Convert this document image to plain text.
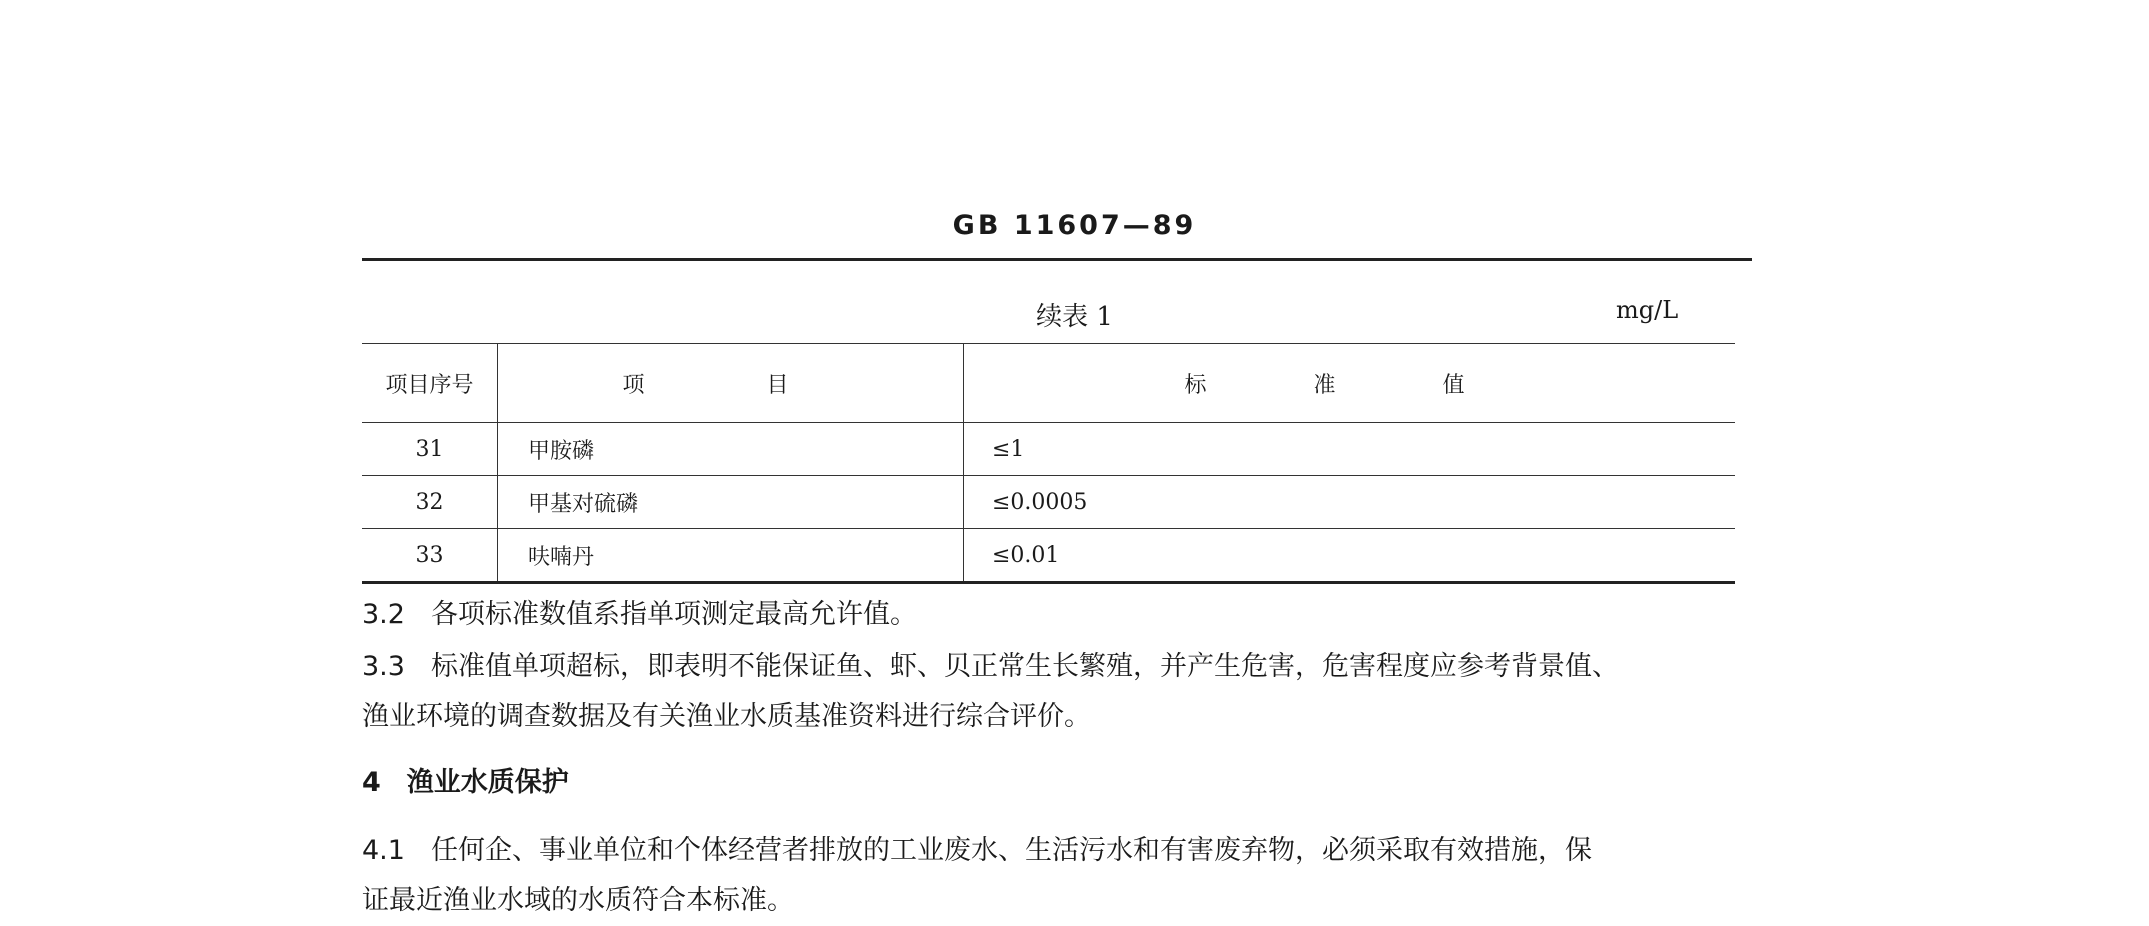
GB 11607—89
续表 1	mg/L
项目序号	项　目	标 准 值
31	甲胺磷	≤1
32	甲基对硫磷	≤0.0005
33	呋喃丹	≤0.01
3.2 各项标准数值系指单项测定最高允许值。
3.3 标准值单项超标，即表明不能保证鱼、虾、贝正常生长繁殖，并产生危害，危害程度应参考背景值、
渔业环境的调查数据及有关渔业水质基准资料进行综合评价。
4 渔业水质保护
4.1 任何企、事业单位和个体经营者排放的工业废水、生活污水和有害废弃物，必须采取有效措施，保
证最近渔业水域的水质符合本标准。
